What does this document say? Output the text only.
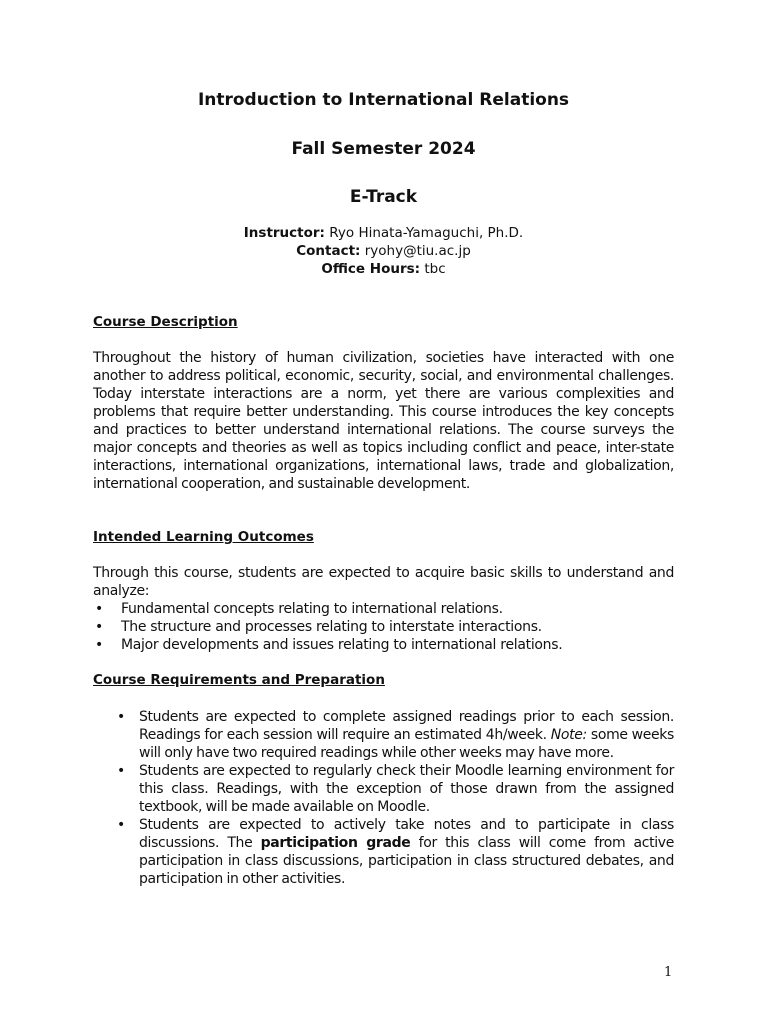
Introduction to International Relations
Fall Semester 2024
E-Track
Instructor: Ryo Hinata-Yamaguchi, Ph.D.
Contact: ryohy@tiu.ac.jp
Office Hours: tbc
Course Description

Throughout the history of human civilization, societies have interacted with one another to address political, economic, security, social, and environmental challenges. Today interstate interactions are a norm, yet there are various complexities and problems that require better understanding. This course introduces the key concepts and practices to better understand international relations. The course surveys the major concepts and theories as well as topics including conflict and peace, inter-state interactions, international organizations, international laws, trade and globalization, international cooperation, and sustainable development.

Intended Learning Outcomes

Through this course, students are expected to acquire basic skills to understand and analyze:

• Fundamental concepts relating to international relations.
• The structure and processes relating to interstate interactions.
• Major developments and issues relating to international relations.
Course Requirements and Preparation
• Students are expected to complete assigned readings prior to each session. Readings for each session will require an estimated 4h/week. Note: some weeks will only have two required readings while other weeks may have more.
• Students are expected to regularly check their Moodle learning environment for this class. Readings, with the exception of those drawn from the assigned textbook, will be made available on Moodle.
• Students are expected to actively take notes and to participate in class discussions. The participation grade for this class will come from active participation in class discussions, participation in class structured debates, and participation in other activities.
1
